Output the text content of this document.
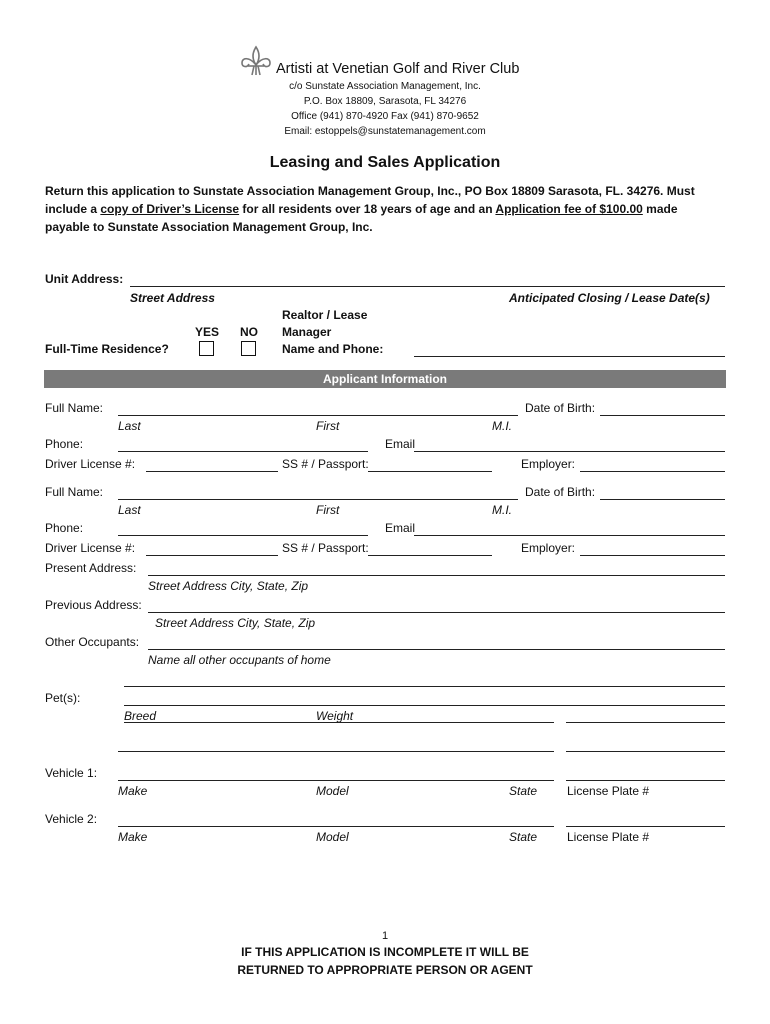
Artisti at Venetian Golf and River Club
c/o Sunstate Association Management, Inc.
P.O. Box 18809, Sarasota, FL 34276
Office (941) 870-4920 Fax (941) 870-9652
Email: estoppels@sunstatemanagement.com
Leasing and Sales Application
Return this application to Sunstate Association Management Group, Inc., PO Box 18809 Sarasota, FL. 34276. Must
include a copy of Driver’s License for all residents over 18 years of age and an Application fee of $100.00 made
payable to Sunstate Association Management Group, Inc.
Unit Address:
Street Address	Anticipated Closing / Lease Date(s)
Realtor / Lease
Manager
Name and Phone:
YES NO
Full-Time Residence?
Applicant Information
Full Name:	Date of Birth:
Last	First	M.I.
Phone:	Email
Driver License #:	SS # / Passport:	Employer:
Full Name:	Date of Birth:
Last	First	M.I.
Phone:	Email
Driver License #:	SS # / Passport:	Employer:
Present Address:
Street Address City, State, Zip
Previous Address:
Street Address City, State, Zip
Other Occupants:
Name all other occupants of home
Pet(s):
Breed	Weight
Vehicle 1:
Make	Model	State License Plate #
Vehicle 2:
Make	Model	State License Plate #
1
IF THIS APPLICATION IS INCOMPLETE IT WILL BE
RETURNED TO APPROPRIATE PERSON OR AGENT
